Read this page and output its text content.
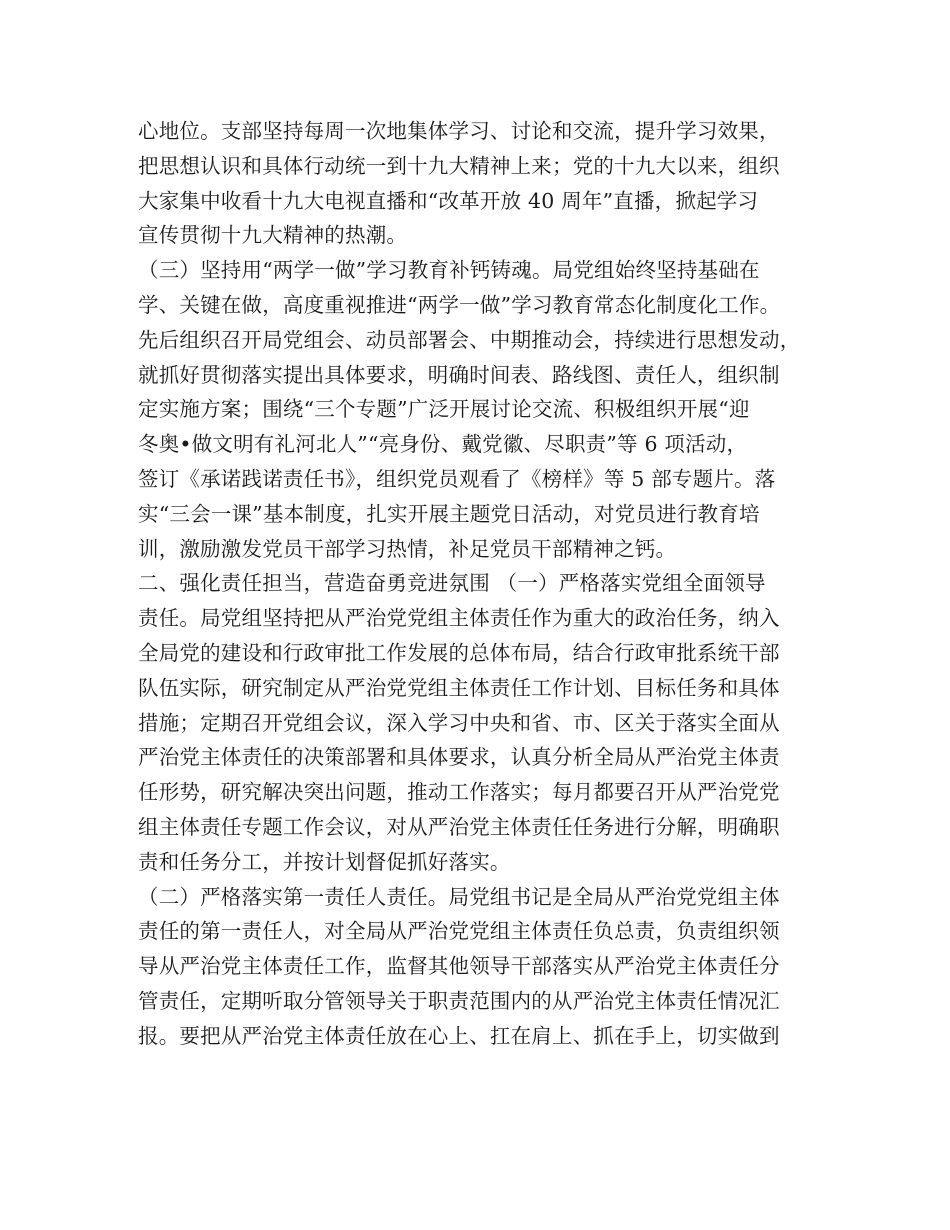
心地位。支部坚持每周一次地集体学习、讨论和交流，提升学习效果，
把思想认识和具体行动统一到十九大精神上来；党的十九大以来，组织
大家集中收看十九大电视直播和“改革开放 40 周年”直播，掀起学习
宣传贯彻十九大精神的热潮。
（三）坚持用“两学一做”学习教育补钙铸魂。局党组始终坚持基础在
学、关键在做，高度重视推进“两学一做”学习教育常态化制度化工作。
先后组织召开局党组会、动员部署会、中期推动会，持续进行思想发动，
就抓好贯彻落实提出具体要求，明确时间表、路线图、责任人，组织制
定实施方案；围绕“三个专题”广泛开展讨论交流、积极组织开展“迎
冬奥•做文明有礼河北人”“亮身份、戴党徽、尽职责”等 6 项活动，
签订《承诺践诺责任书》，组织党员观看了《榜样》等 5 部专题片。落
实“三会一课”基本制度，扎实开展主题党日活动，对党员进行教育培
训，激励激发党员干部学习热情，补足党员干部精神之钙。
二、强化责任担当，营造奋勇竞进氛围 （一）严格落实党组全面领导
责任。局党组坚持把从严治党党组主体责任作为重大的政治任务，纳入
全局党的建设和行政审批工作发展的总体布局，结合行政审批系统干部
队伍实际，研究制定从严治党党组主体责任工作计划、目标任务和具体
措施；定期召开党组会议，深入学习中央和省、市、区关于落实全面从
严治党主体责任的决策部署和具体要求，认真分析全局从严治党主体责
任形势，研究解决突出问题，推动工作落实；每月都要召开从严治党党
组主体责任专题工作会议，对从严治党主体责任任务进行分解，明确职
责和任务分工，并按计划督促抓好落实。
（二）严格落实第一责任人责任。局党组书记是全局从严治党党组主体
责任的第一责任人，对全局从严治党党组主体责任负总责，负责组织领
导从严治党主体责任工作，监督其他领导干部落实从严治党主体责任分
管责任，定期听取分管领导关于职责范围内的从严治党主体责任情况汇
报。要把从严治党主体责任放在心上、扛在肩上、抓在手上，切实做到
